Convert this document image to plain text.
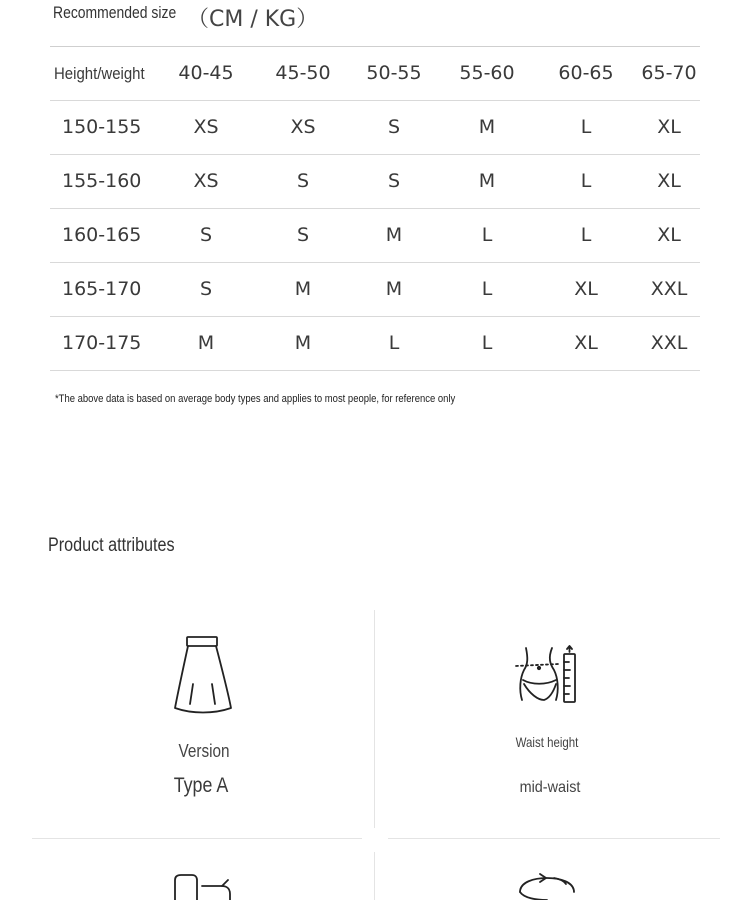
Recommended size （CM / KG）
Height/weight	40-45 45-50 50-55 55-60 60-65 65-70
150-155	XS	XS	S	M	L	XL
155-160	XS	S	S	M	L	XL
160-165	S	S	M	L	L	XL
165-170	S	M	M	L	XL	XXL
170-175	M	M	L	L	XL	XXL
*The above data is based on average body types and applies to most people, for reference only
Product attributes
Version
Type A
Waist height
mid-waist
